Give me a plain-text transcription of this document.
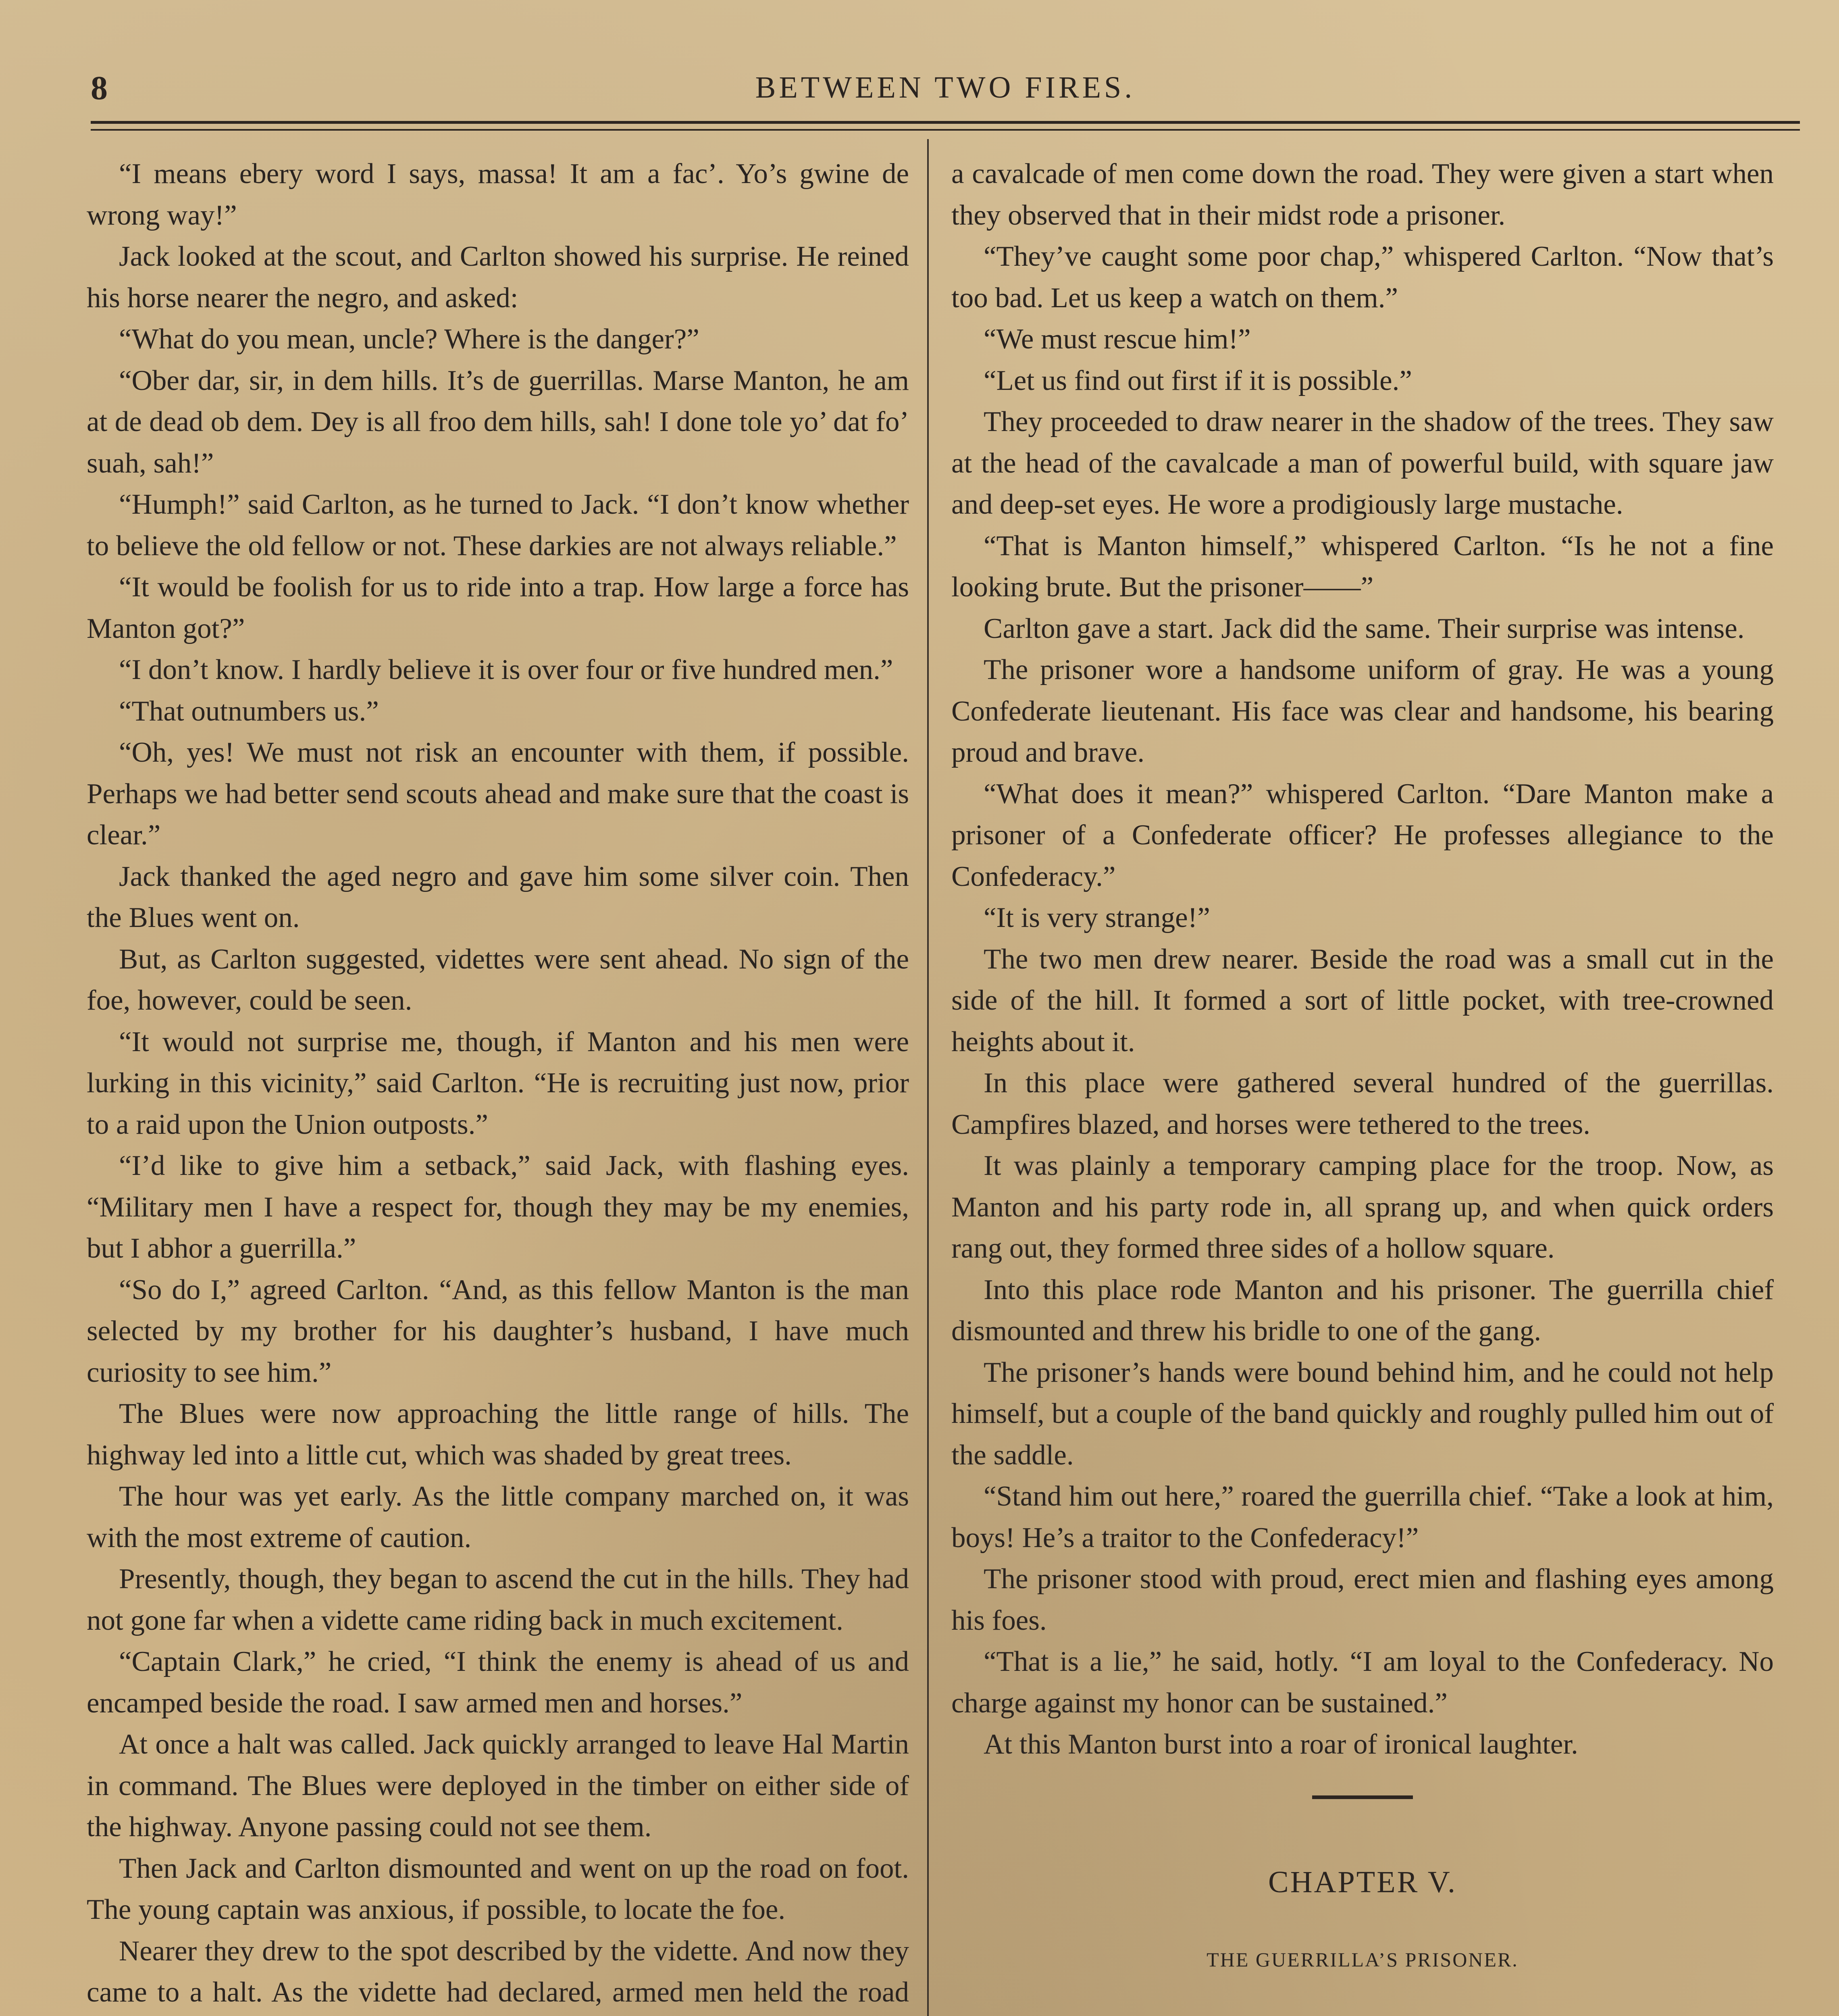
8	BETWEEN TWO FIRES.

“I means ebery word I says, massa! It am a fac’. Yo’s gwine de wrong way!”

Jack looked at the scout, and Carlton showed his surprise. He reined his horse nearer the negro, and asked:

“What do you mean, uncle? Where is the danger?”

“Ober dar, sir, in dem hills. It’s de guerrillas. Marse Manton, he am at de dead ob dem. Dey is all froo dem hills, sah! I done tole yo’ dat fo’ suah, sah!”

“Humph!” said Carlton, as he turned to Jack. “I don’t know whether to believe the old fellow or not. These darkies are not always reliable.”

“It would be foolish for us to ride into a trap. How large a force has Manton got?”

“I don’t know. I hardly believe it is over four or five hundred men.”

“That outnumbers us.”

“Oh, yes! We must not risk an encounter with them, if possible. Perhaps we had better send scouts ahead and make sure that the coast is clear.”

Jack thanked the aged negro and gave him some silver coin. Then the Blues went on.

But, as Carlton suggested, videttes were sent ahead. No sign of the foe, however, could be seen.

“It would not surprise me, though, if Manton and his men were lurking in this vicinity,” said Carlton. “He is recruiting just now, prior to a raid upon the Union outposts.”

“I’d like to give him a setback,” said Jack, with flashing eyes. “Military men I have a respect for, though they may be my enemies, but I abhor a guerrilla.”

“So do I,” agreed Carlton. “And, as this fellow Manton is the man selected by my brother for his daughter’s husband, I have much curiosity to see him.”

The Blues were now approaching the little range of hills. The highway led into a little cut, which was shaded by great trees.

The hour was yet early. As the little company marched on, it was with the most extreme of caution.

Presently, though, they began to ascend the cut in the hills. They had not gone far when a vidette came riding back in much excitement.

“Captain Clark,” he cried, “I think the enemy is ahead of us and encamped beside the road. I saw armed men and horses.”

At once a halt was called. Jack quickly arranged to leave Hal Martin in command. The Blues were deployed in the timber on either side of the highway. Anyone passing could not see them.

Then Jack and Carlton dismounted and went on up the road on foot. The young captain was anxious, if possible, to locate the foe.

Nearer they drew to the spot described by the vidette. And now they came to a halt. As the vidette had declared, armed men held the road

a cavalcade of men come down the road. They were given a start when they observed that in their midst rode a prisoner.

“They’ve caught some poor chap,” whispered Carlton. “Now that’s too bad. Let us keep a watch on them.”

“We must rescue him!”

“Let us find out first if it is possible.”

They proceeded to draw nearer in the shadow of the trees. They saw at the head of the cavalcade a man of powerful build, with square jaw and deep-set eyes. He wore a prodigiously large mustache.

“That is Manton himself,” whispered Carlton. “Is he not a fine looking brute. But the prisoner——”

Carlton gave a start. Jack did the same. Their surprise was intense.

The prisoner wore a handsome uniform of gray. He was a young Confederate lieutenant. His face was clear and handsome, his bearing proud and brave.

“What does it mean?” whispered Carlton. “Dare Manton make a prisoner of a Confederate officer? He professes allegiance to the Confederacy.”

“It is very strange!”

The two men drew nearer. Beside the road was a small cut in the side of the hill. It formed a sort of little pocket, with tree-crowned heights about it.

In this place were gathered several hundred of the guerrillas. Campfires blazed, and horses were tethered to the trees.

It was plainly a temporary camping place for the troop. Now, as Manton and his party rode in, all sprang up, and when quick orders rang out, they formed three sides of a hollow square.

Into this place rode Manton and his prisoner. The guerrilla chief dismounted and threw his bridle to one of the gang.

The prisoner’s hands were bound behind him, and he could not help himself, but a couple of the band quickly and roughly pulled him out of the saddle.

“Stand him out here,” roared the guerrilla chief. “Take a look at him, boys! He’s a traitor to the Confederacy!”

The prisoner stood with proud, erect mien and flashing eyes among his foes.

“That is a lie,” he said, hotly. “I am loyal to the Confederacy. No charge against my honor can be sustained.”

At this Manton burst into a roar of ironical laughter.

CHAPTER V.
THE GUERRILLA’S PRISONER.
